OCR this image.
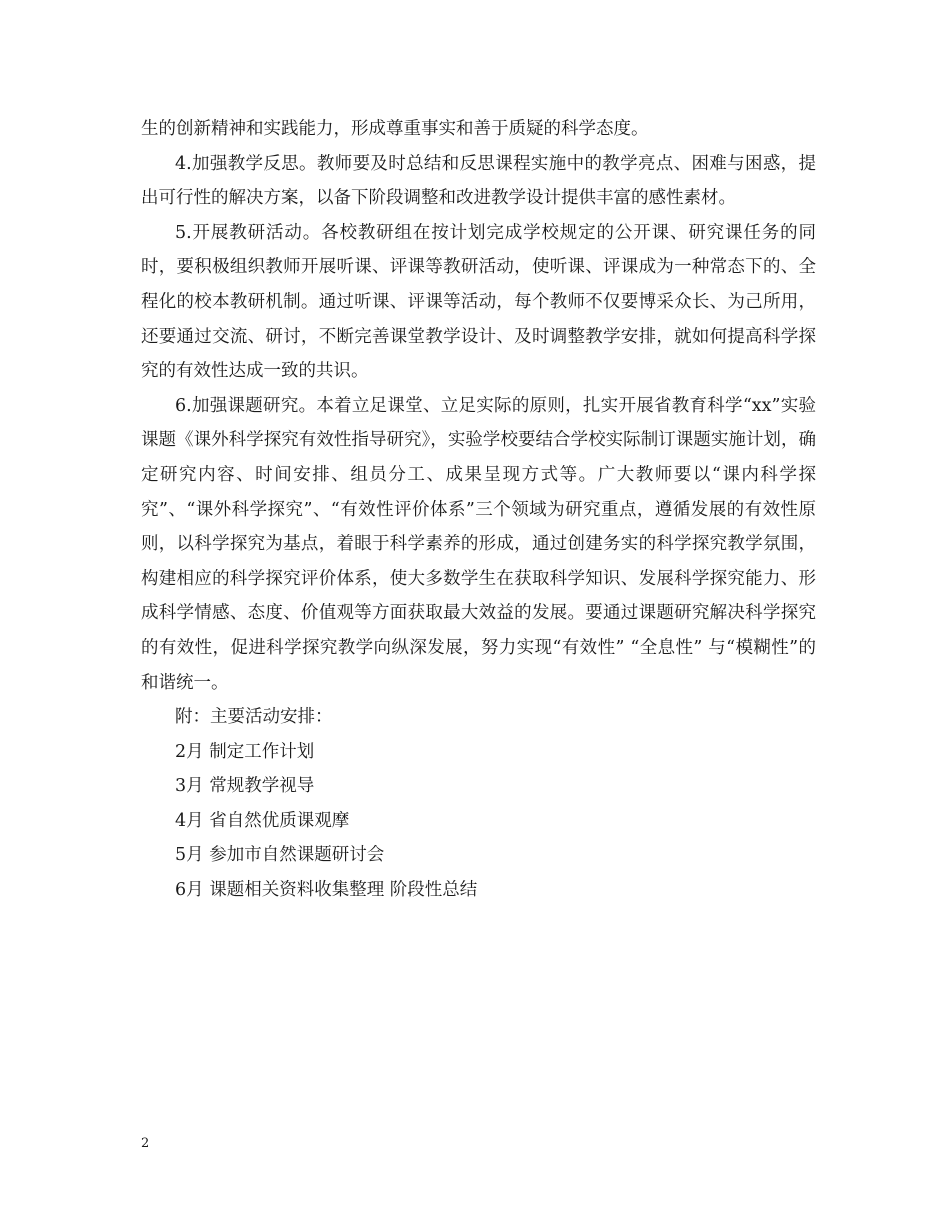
生的创新精神和实践能力，形成尊重事实和善于质疑的科学态度。

4.加强教学反思。教师要及时总结和反思课程实施中的教学亮点、困难与困惑，提出可行性的解决方案，以备下阶段调整和改进教学设计提供丰富的感性素材。

5.开展教研活动。各校教研组在按计划完成学校规定的公开课、研究课任务的同时，要积极组织教师开展听课、评课等教研活动，使听课、评课成为一种常态下的、全程化的校本教研机制。通过听课、评课等活动，每个教师不仅要博采众长、为己所用，还要通过交流、研讨，不断完善课堂教学设计、及时调整教学安排，就如何提高科学探究的有效性达成一致的共识。

6.加强课题研究。本着立足课堂、立足实际的原则，扎实开展省教育科学“xx”实验课题《课外科学探究有效性指导研究》，实验学校要结合学校实际制订课题实施计划，确定研究内容、时间安排、组员分工、成果呈现方式等。广大教师要以“课内科学探究”、“课外科学探究”、“有效性评价体系”三个领域为研究重点，遵循发展的有效性原则，以科学探究为基点，着眼于科学素养的形成，通过创建务实的科学探究教学氛围，构建相应的科学探究评价体系，使大多数学生在获取科学知识、发展科学探究能力、形成科学情感、态度、价值观等方面获取最大效益的发展。要通过课题研究解决科学探究的有效性，促进科学探究教学向纵深发展，努力实现“有效性” “全息性” 与“模糊性”的和谐统一。

附：主要活动安排：

2月 制定工作计划

3月 常规教学视导

4月 省自然优质课观摩

5月 参加市自然课题研讨会

6月 课题相关资料收集整理 阶段性总结

2
